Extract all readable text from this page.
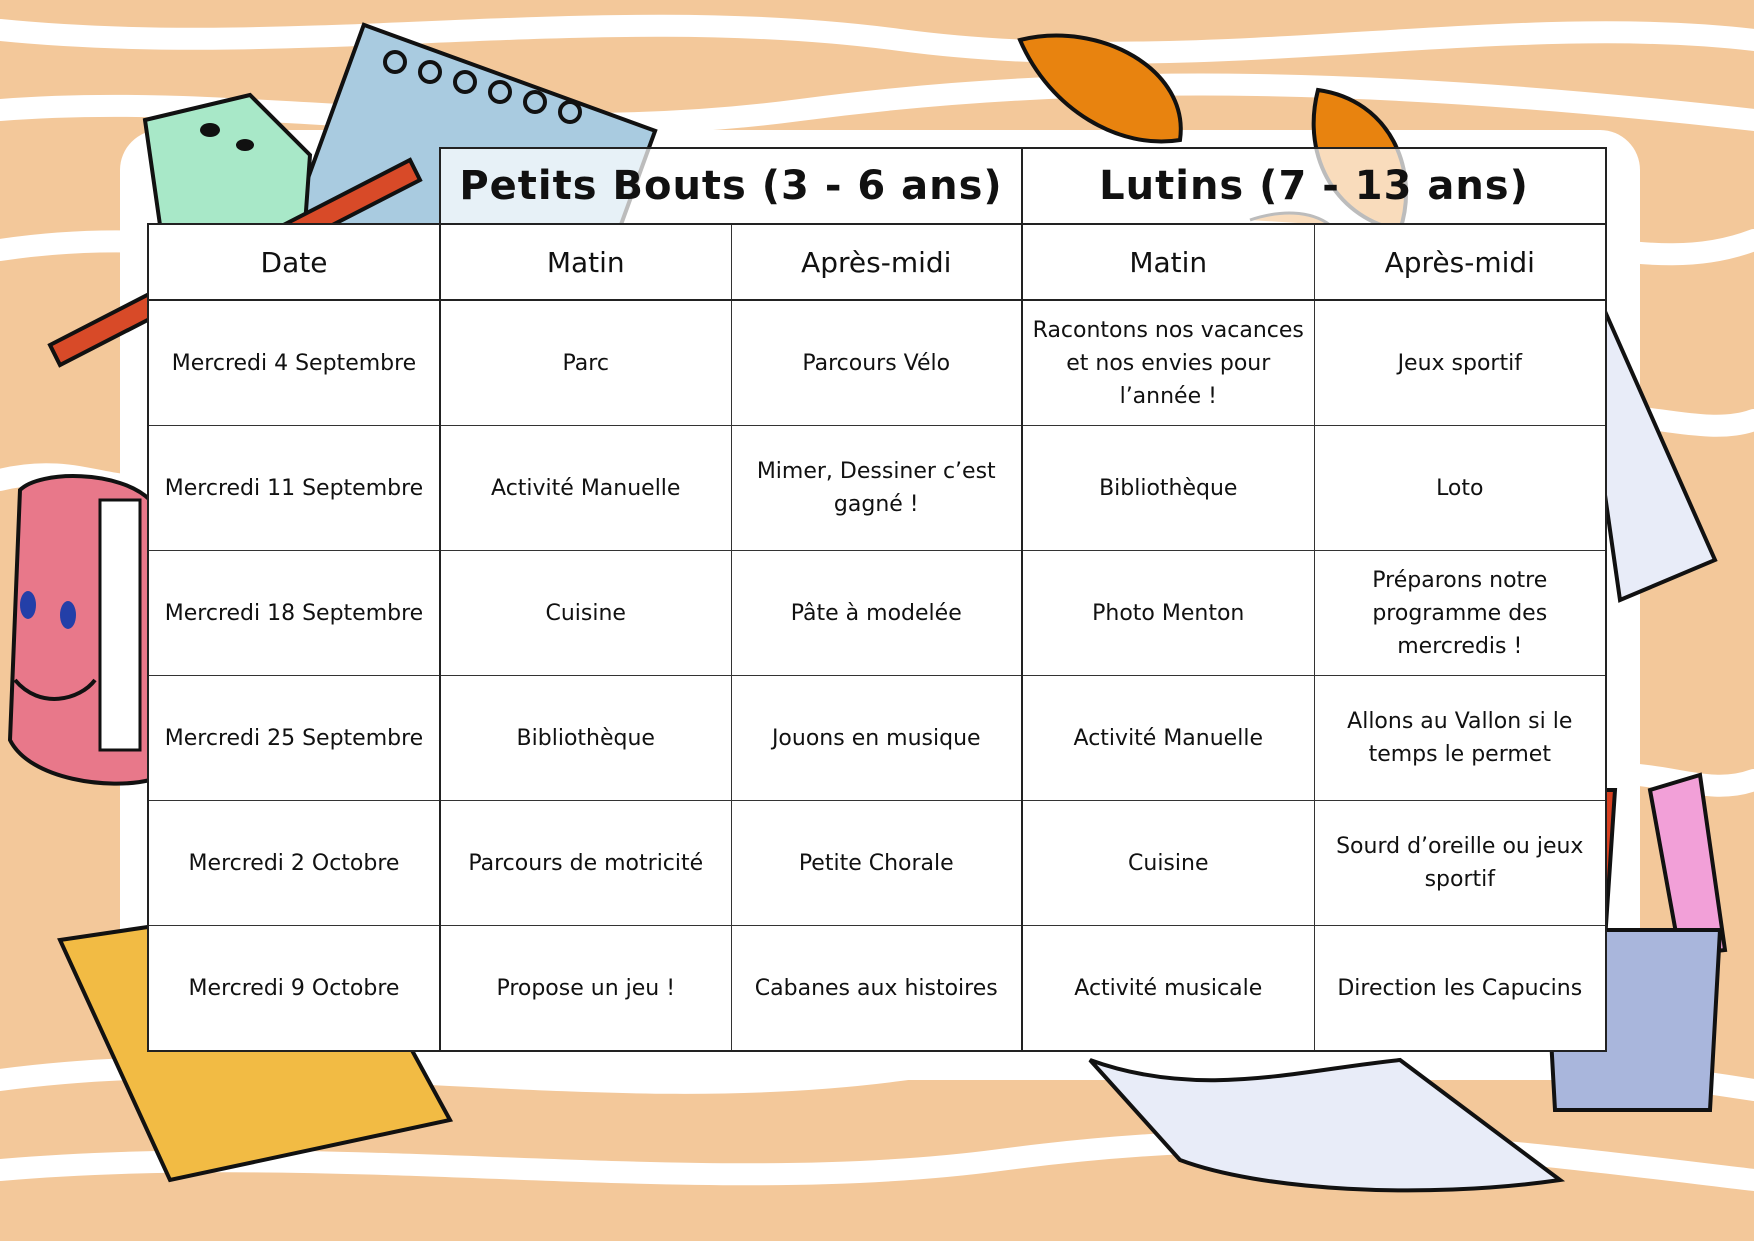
	Petits Bouts (3 - 6 ans)		Lutins (7 - 13 ans)	
Date	Matin	Après-midi	Matin	Après-midi
Mercredi 4 Septembre	Parc	Parcours Vélo	Racontons nos vacances et nos envies pour l’année !	Jeux sportif
Mercredi 11 Septembre	Activité Manuelle	Mimer, Dessiner c’est gagné !	Bibliothèque	Loto
Mercredi 18 Septembre	Cuisine	Pâte à modelée	Photo Menton	Préparons notre programme des mercredis !
Mercredi 25 Septembre	Bibliothèque	Jouons en musique	Activité Manuelle	Allons au Vallon si le temps le permet
Mercredi 2 Octobre	Parcours de motricité	Petite Chorale	Cuisine	Sourd d’oreille ou jeux sportif
Mercredi 9 Octobre	Propose un jeu !	Cabanes aux histoires	Activité musicale	Direction les Capucins
